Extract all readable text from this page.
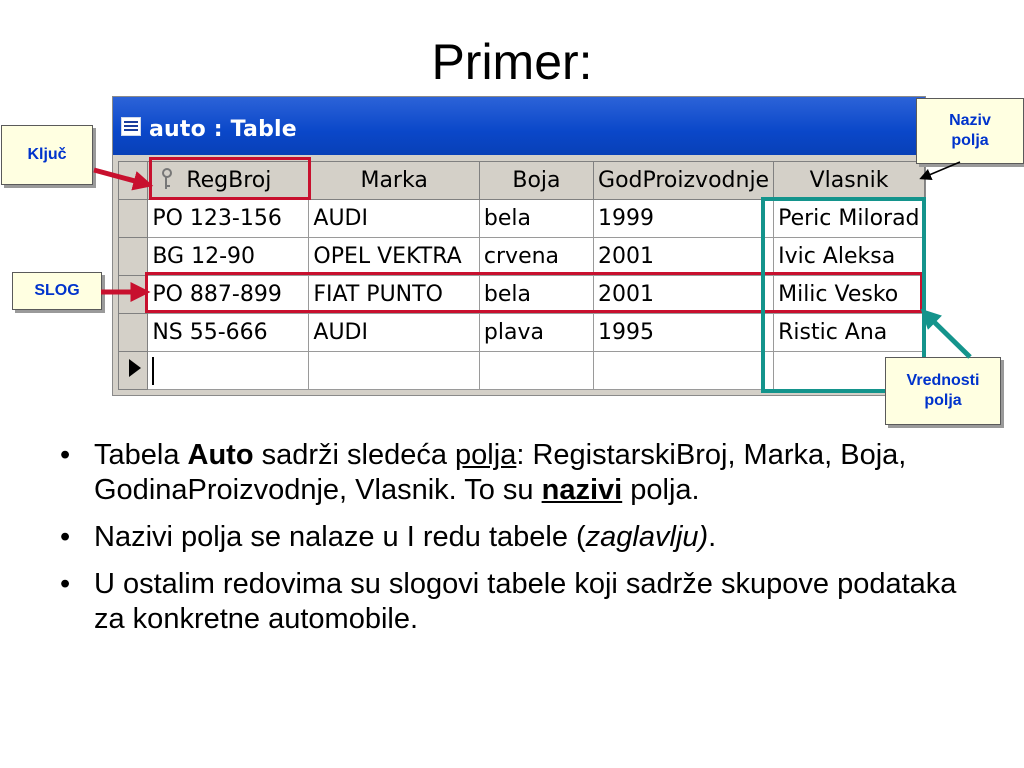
Primer:
auto : Table

RegBroj	Marka	Boja	GodProizvodnje	Vlasnik
	PO 123-156	AUDI	bela	1999	Peric Milorad
	BG 12-90	OPEL VEKTRA	crvena	2001	Ivic Aleksa
	PO 887-899	FIAT PUNTO	bela	2001	Milic Vesko
	NS 55-666	AUDI	plava	1995	Ristic Ana

Ključ
SLOG
Naziv
polja
Vrednosti
polja
• Tabela Auto sadrži sledeća polja: RegistarskiBroj, Marka, Boja, GodinaProizvodnje, Vlasnik. To su nazivi polja.
• Nazivi polja se nalaze u I redu tabele (zaglavlju).
• U ostalim redovima su slogovi tabele koji sadrže skupove podataka za konkretne automobile.
